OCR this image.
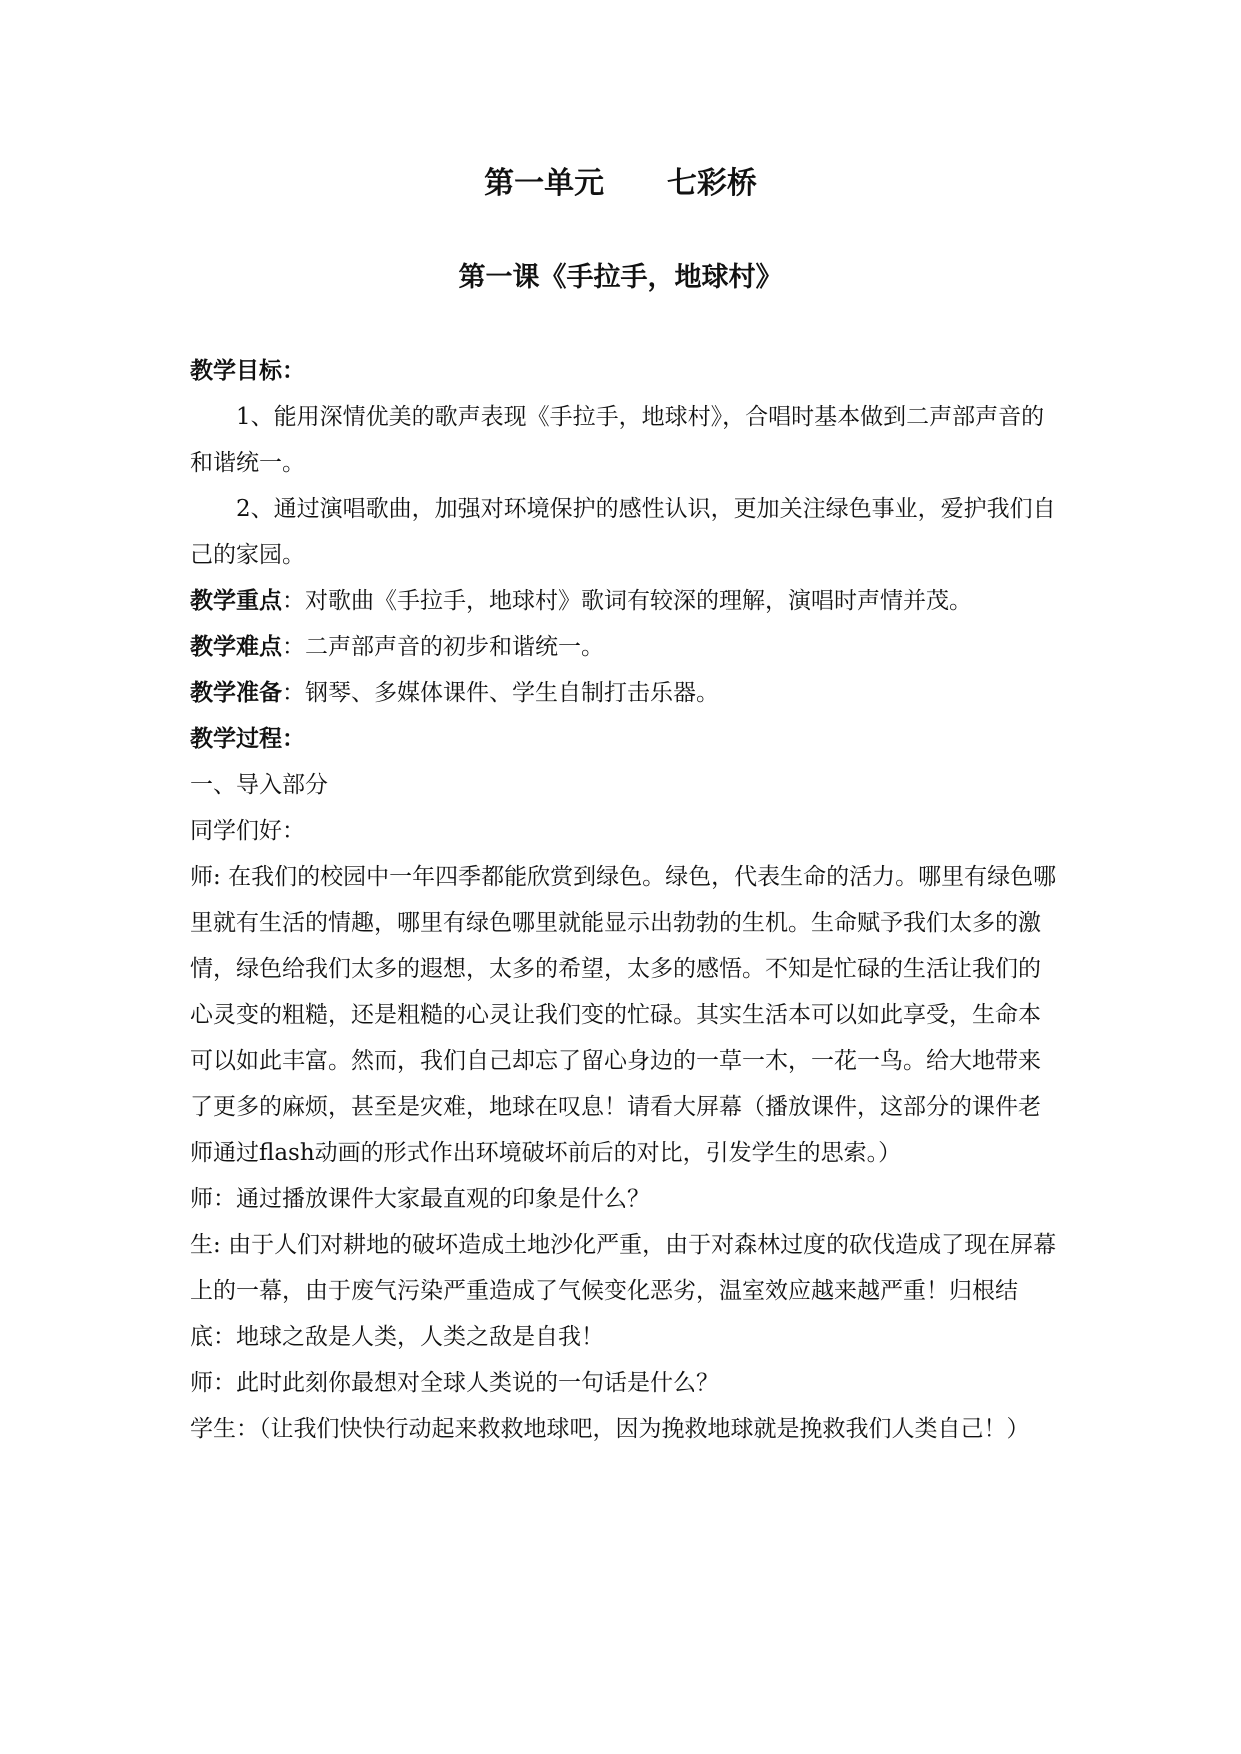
第一单元      七彩桥
第一课《手拉手，地球村》

教学目标：

1、能用深情优美的歌声表现《手拉手，地球村》，合唱时基本做到二声部声音的和谐统一。

2、通过演唱歌曲，加强对环境保护的感性认识，更加关注绿色事业，爱护我们自己的家园。

教学重点：对歌曲《手拉手，地球村》歌词有较深的理解，演唱时声情并茂。

教学难点：二声部声音的初步和谐统一。

教学准备：钢琴、多媒体课件、学生自制打击乐器。

教学过程：

一、导入部分

同学们好：

师: 在我们的校园中一年四季都能欣赏到绿色。绿色，代表生命的活力。哪里有绿色哪里就有生活的情趣，哪里有绿色哪里就能显示出勃勃的生机。生命赋予我们太多的激情，绿色给我们太多的遐想，太多的希望，太多的感悟。不知是忙碌的生活让我们的心灵变的粗糙，还是粗糙的心灵让我们变的忙碌。其实生活本可以如此享受，生命本可以如此丰富。然而，我们自己却忘了留心身边的一草一木，一花一鸟。给大地带来了更多的麻烦，甚至是灾难，地球在叹息！请看大屏幕（播放课件，这部分的课件老师通过flash动画的形式作出环境破坏前后的对比，引发学生的思索。）

师：通过播放课件大家最直观的印象是什么？

生: 由于人们对耕地的破坏造成土地沙化严重，由于对森林过度的砍伐造成了现在屏幕上的一幕，由于废气污染严重造成了气候变化恶劣，温室效应越来越严重！归根结底：地球之敌是人类，人类之敌是自我！

师：此时此刻你最想对全球人类说的一句话是什么？

学生：（让我们快快行动起来救救地球吧，因为挽救地球就是挽救我们人类自己！）
